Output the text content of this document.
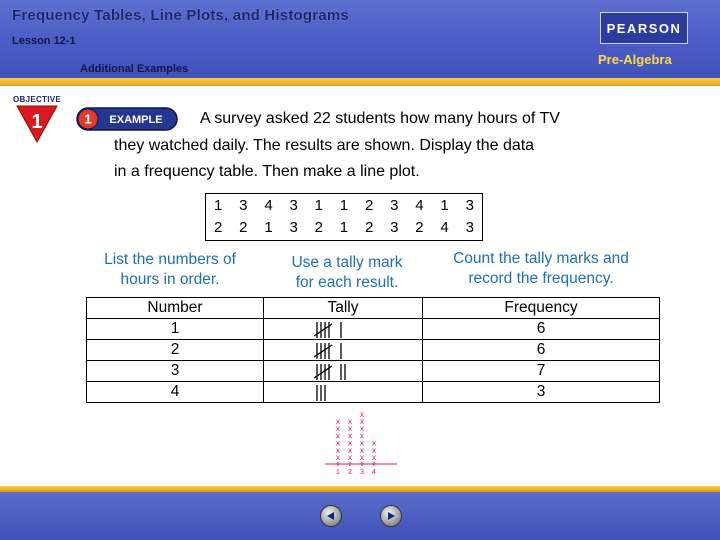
Frequency Tables, Line Plots, and Histograms
Lesson 12-1
Additional Examples
PEARSON
Pre-Algebra
OBJECTIVE
1	1 EXAMPLE	A survey asked 22 students how many hours of TV
they watched daily. The results are shown. Display the data
in a frequency table. Then make a line plot.
1 3 4 3 1 1 2 3 4 1 3
2 2 1 3 2 1 2 3 2 4 3
List the numbers of
hours in order.
Use a tally mark
for each result.
Count the tally marks and
record the frequency.
Number	Tally	Frequency
1		6
2		6
3		7
4		3
1
x
x
x
x
x
x
2
x
x
x
x
x
x
3
x
x
x
x
x
x
x
4
x
x
x
